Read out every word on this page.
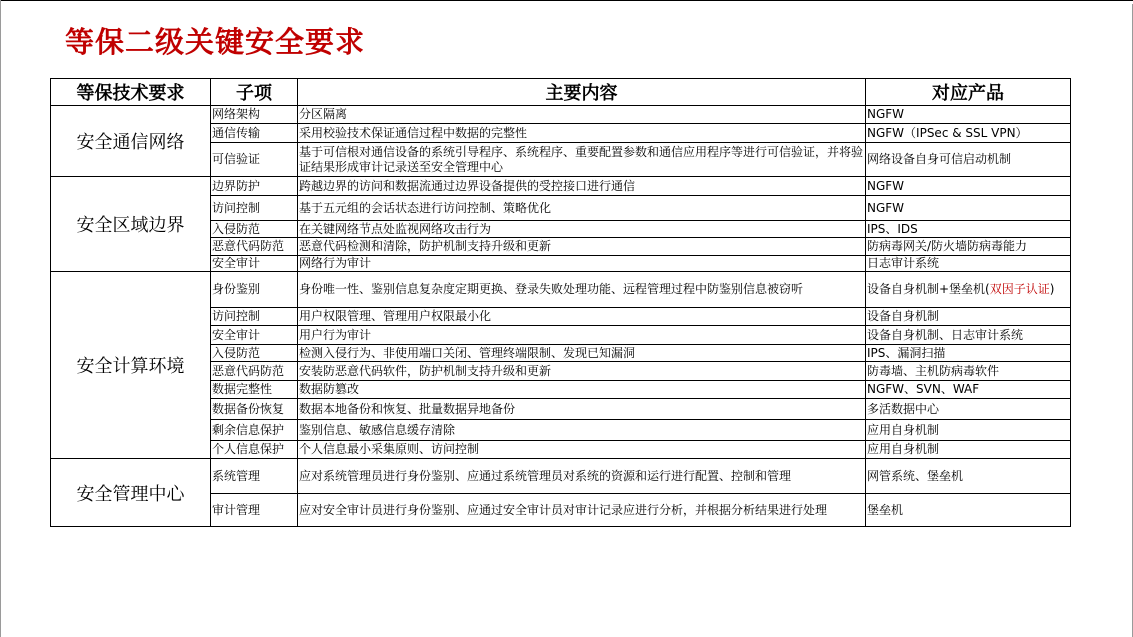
等保二级关键安全要求
等保技术要求	子项	主要内容	对应产品
安全通信网络	网络架构	分区隔离	NGFW
	通信传输	采用校验技术保证通信过程中数据的完整性	NGFW（IPSec & SSL VPN）
	可信验证	基于可信根对通信设备的系统引导程序、系统程序、重要配置参数和通信应用程序等进行可信验证，并将验证结果形成审计记录送至安全管理中心	网络设备自身可信启动机制
安全区域边界	边界防护	跨越边界的访问和数据流通过边界设备提供的受控接口进行通信	NGFW
	访问控制	基于五元组的会话状态进行访问控制、策略优化	NGFW
	入侵防范	在关键网络节点处监视网络攻击行为	IPS、IDS
	恶意代码防范	恶意代码检测和清除，防护机制支持升级和更新	防病毒网关/防火墙防病毒能力
	安全审计	网络行为审计	日志审计系统
安全计算环境	身份鉴别	身份唯一性、鉴别信息复杂度定期更换、登录失败处理功能、远程管理过程中防鉴别信息被窃听	设备自身机制+堡垒机(双因子认证)
	访问控制	用户权限管理、管理用户权限最小化	设备自身机制
	安全审计	用户行为审计	设备自身机制、日志审计系统
	入侵防范	检测入侵行为、非使用端口关闭、管理终端限制、发现已知漏洞	IPS、漏洞扫描
	恶意代码防范	安装防恶意代码软件，防护机制支持升级和更新	防毒墙、主机防病毒软件
	数据完整性	数据防篡改	NGFW、SVN、WAF
	数据备份恢复	数据本地备份和恢复、批量数据异地备份	多活数据中心
	剩余信息保护	鉴别信息、敏感信息缓存清除	应用自身机制
	个人信息保护	个人信息最小采集原则、访问控制	应用自身机制
安全管理中心	系统管理	应对系统管理员进行身份鉴别、应通过系统管理员对系统的资源和运行进行配置、控制和管理	网管系统、堡垒机
	审计管理	应对安全审计员进行身份鉴别、应通过安全审计员对审计记录应进行分析，并根据分析结果进行处理	堡垒机
